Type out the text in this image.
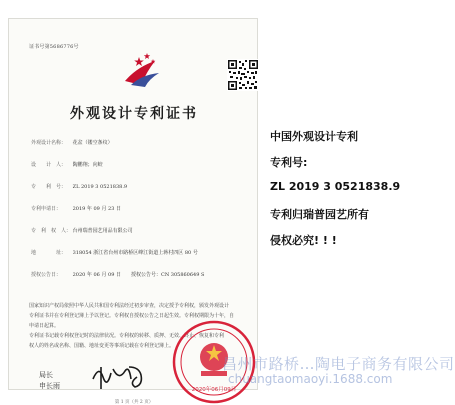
证书号第5686776号
外观设计专利证书
外观设计名称： 花盆（镂空条纹）
设　　计　人： 陶鹏翔；向蛟
专　　利　号： ZL 2019 3 0521838.9
专利申请日： 2019 年 09 月 23 日
专　利　权　人： 台州瑞普园艺用品有限公司
地　　　　址： 318054 浙江省台州市路桥区峰江街道上蒋村四区 80 号
授权公告日： 2020 年 06 月 09 日　　授权公告号：CN 305860649 S
国家知识产权局依照中华人民共和国专利法经过初步审查，决定授予专利权，颁发外观设计
专利证书并在专利登记簿上予以登记。专利权自授权公告之日起生效。专利权期限为十年，自
申请日起算。
专利证书记载专利权登记时的法律状况。专利权的转移、质押、无效、终止、恢复和专利
权人的姓名或名称、国籍、地址变更等事项记载在专利登记簿上。
局长
申长雨	2020年06月09日
第 1 页（共 2 页）
昌州市路桥…陶电子商务有限公司
chuangtaomaoyi.1688.com
中国外观设计专利
专利号:
ZL 2019 3 0521838.9
专利归瑞普园艺所有
侵权必究! ! !
